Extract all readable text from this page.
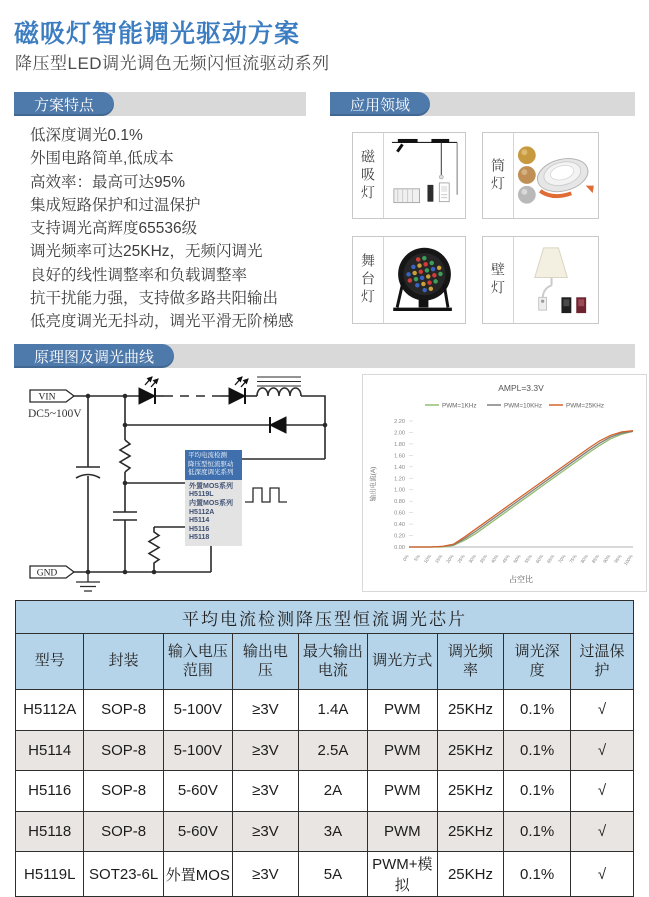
磁吸灯智能调光驱动方案
降压型LED调光调色无频闪恒流驱动系列
方案特点	应用领域
低深度调光0.1%
外围电路简单,低成本
高效率：最高可达95%
集成短路保护和过温保护
支持调光高辉度65536级
调光频率可达25KHz，无频闪调光
良好的线性调整率和负载调整率
抗干扰能力强，支持做多路共阳输出
低亮度调光无抖动，调光平滑无阶梯感
磁吸灯	筒灯
舞台灯	壁灯
原理图及调光曲线
VIN
GND
DC5~100V
平均电流检测
降压型恒流驱动
低深度调光系列
外置MOS系列
H5119L
内置MOS系列
H5112A
H5114
H5116
H5118
AMPL=3.3V
PWM=1KHz	PWM=10KHz	PWM=25KHz
0.00
0.20
0.40
0.60
0.80
1.00
1.20
1.40
1.60
1.80
2.00
2.20
输出电流(A)
0% 5% 10% 15% 20% 25% 30% 35% 40% 45% 50% 55% 60% 65% 70% 75% 80% 85% 90% 95% 100%
占空比
平均电流检测降压型恒流调光芯片								
型号	封装	输入电压范围	输出电压	最大输出电流	调光方式	调光频率	调光深度	过温保护
H5112A	SOP-8	5-100V	≥3V	1.4A	PWM	25KHz	0.1%	√
H5114	SOP-8	5-100V	≥3V	2.5A	PWM	25KHz	0.1%	√
H5116	SOP-8	5-60V	≥3V	2A	PWM	25KHz	0.1%	√
H5118	SOP-8	5-60V	≥3V	3A	PWM	25KHz	0.1%	√
H5119L	SOT23-6L	外置MOS	≥3V	5A	PWM+模拟	25KHz	0.1%	√
